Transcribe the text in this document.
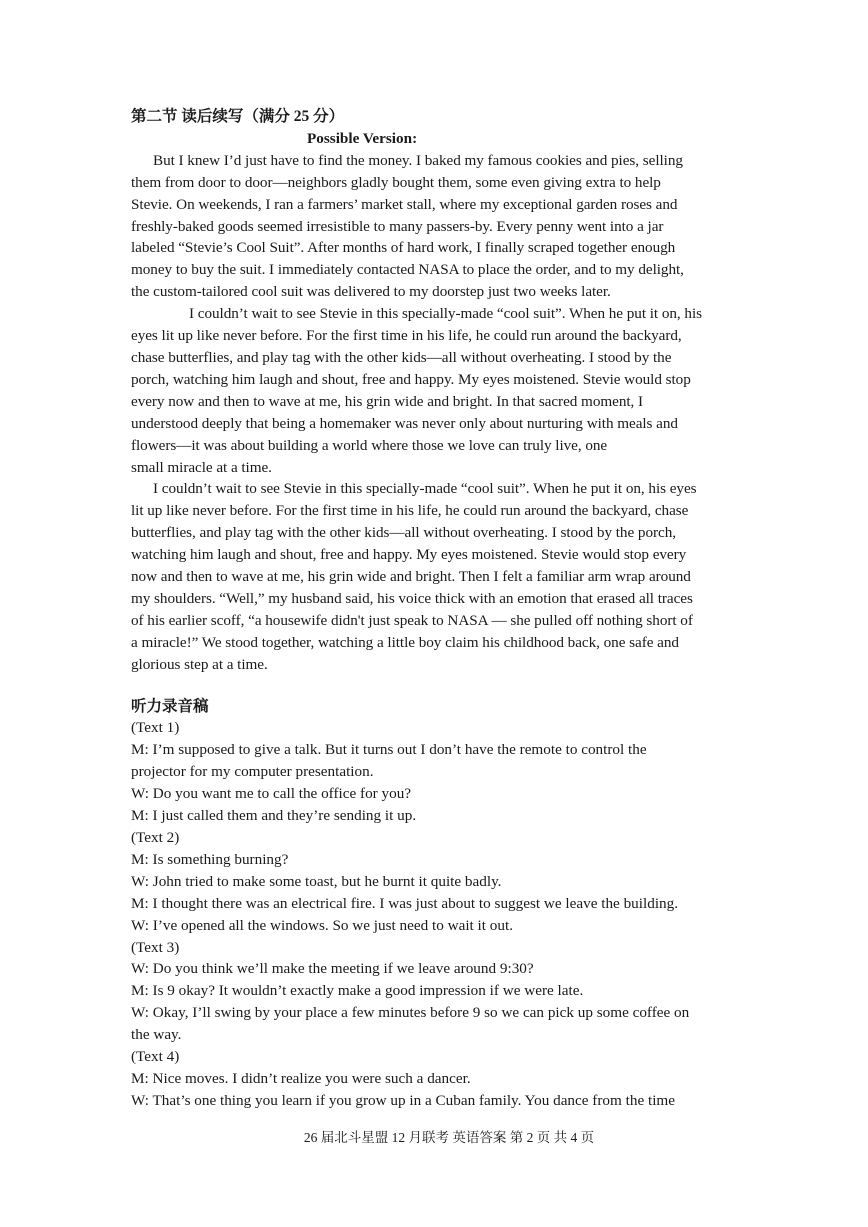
第二节 读后续写（满分 25 分）

Possible Version:

But I knew I’d just have to find the money. I baked my famous cookies and pies, selling
them from door to door—neighbors gladly bought them, some even giving extra to help
Stevie. On weekends, I ran a farmers’ market stall, where my exceptional garden roses and
freshly-baked goods seemed irresistible to many passers-by. Every penny went into a jar
labeled “Stevie’s Cool Suit”. After months of hard work, I finally scraped together enough
money to buy the suit. I immediately contacted NASA to place the order, and to my delight,
the custom-tailored cool suit was delivered to my doorstep just two weeks later.
I couldn’t wait to see Stevie in this specially-made “cool suit”. When he put it on, his
eyes lit up like never before. For the first time in his life, he could run around the backyard,
chase butterflies, and play tag with the other kids—all without overheating. I stood by the
porch, watching him laugh and shout, free and happy. My eyes moistened. Stevie would stop
every now and then to wave at me, his grin wide and bright. In that sacred moment, I
understood deeply that being a homemaker was never only about nurturing with meals and
flowers—it was about building a world where those we love can truly live, one
small miracle at a time.
I couldn’t wait to see Stevie in this specially-made “cool suit”. When he put it on, his eyes
lit up like never before. For the first time in his life, he could run around the backyard, chase
butterflies, and play tag with the other kids—all without overheating. I stood by the porch,
watching him laugh and shout, free and happy. My eyes moistened. Stevie would stop every
now and then to wave at me, his grin wide and bright. Then I felt a familiar arm wrap around
my shoulders. “Well,” my husband said, his voice thick with an emotion that erased all traces
of his earlier scoff, “a housewife didn't just speak to NASA — she pulled off nothing short of
a miracle!” We stood together, watching a little boy claim his childhood back, one safe and
glorious step at a time.

听力录音稿

(Text 1)
M: I’m supposed to give a talk. But it turns out I don’t have the remote to control the
projector for my computer presentation.
W: Do you want me to call the office for you?
M: I just called them and they’re sending it up.
(Text 2)
M: Is something burning?
W: John tried to make some toast, but he burnt it quite badly.
M: I thought there was an electrical fire. I was just about to suggest we leave the building.
W: I’ve opened all the windows. So we just need to wait it out.
(Text 3)
W: Do you think we’ll make the meeting if we leave around 9:30?
M: Is 9 okay? It wouldn’t exactly make a good impression if we were late.
W: Okay, I’ll swing by your place a few minutes before 9 so we can pick up some coffee on
the way.
(Text 4)
M: Nice moves. I didn’t realize you were such a dancer.
W: That’s one thing you learn if you grow up in a Cuban family. You dance from the time
26 届北斗星盟 12 月联考 英语答案 第 2 页 共 4 页
